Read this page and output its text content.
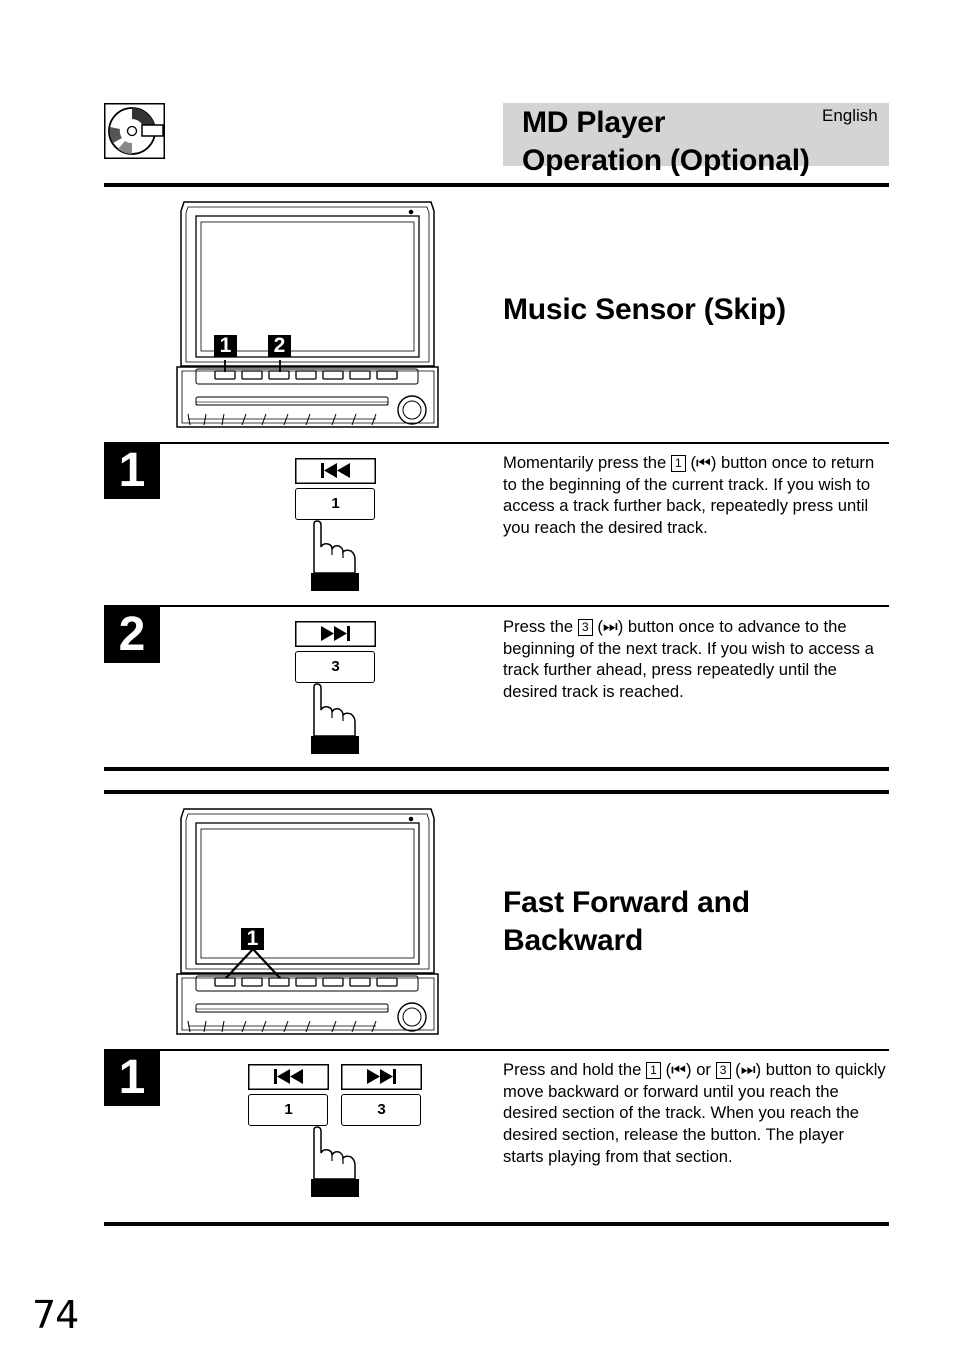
MD Player
Operation (Optional)
English
1 2
Music Sensor (Skip)
1
1
Momentarily press the 1 (⏮) button once to return to the beginning of the current track. If you wish to access a track further back, repeatedly press until you reach the desired track.
2
3
Press the 3 (⏭) button once to advance to the beginning of the next track. If you wish to access a track further ahead, press repeatedly until the desired track is reached.
1
Fast Forward and
Backward
1
1	3
Press and hold the 1 (⏮) or 3 (⏭) button to quickly move backward or forward until you reach the desired section of the track. When you reach the desired section, release the button. The player starts playing from that section.
74
